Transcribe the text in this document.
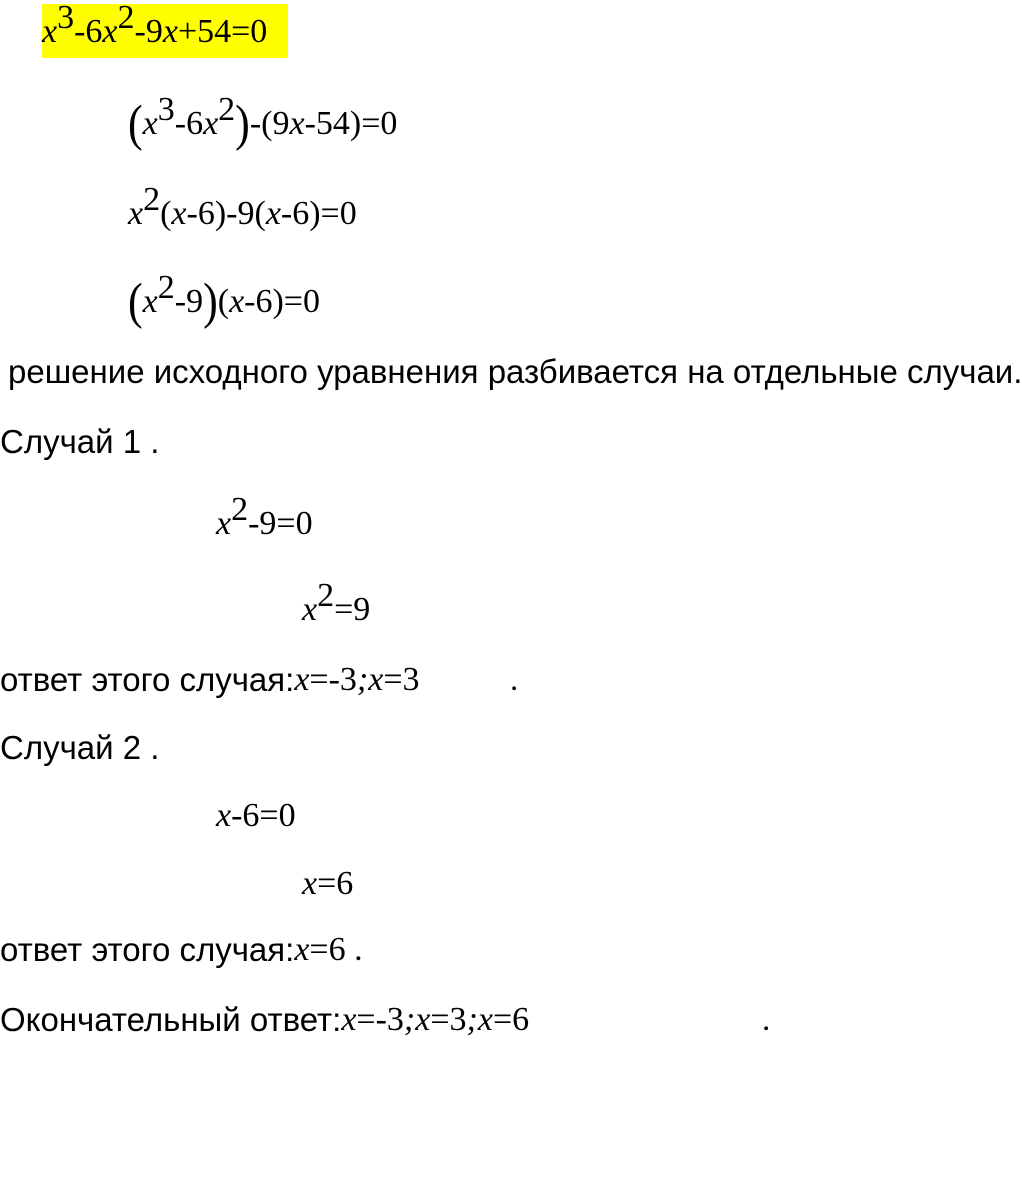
x 3 -6 x 2 -9 x +54=0
( x 3 -6 x 2 ) -(9 x -54)=0
x 2 ( x -6)-9( x -6)=0
( x 2 -9 ) ( x -6)=0
решение исходного уравнения разбивается на отдельные случаи.
Случай 1 .
x 2 -9=0
x 2 =9
ответ этого случая: x =-3 ; x =3	.
Случай 2 .
x -6=0
x =6
ответ этого случая: x =6 .
Окончательный ответ: x =-3 ; x =3 ; x =6	.
